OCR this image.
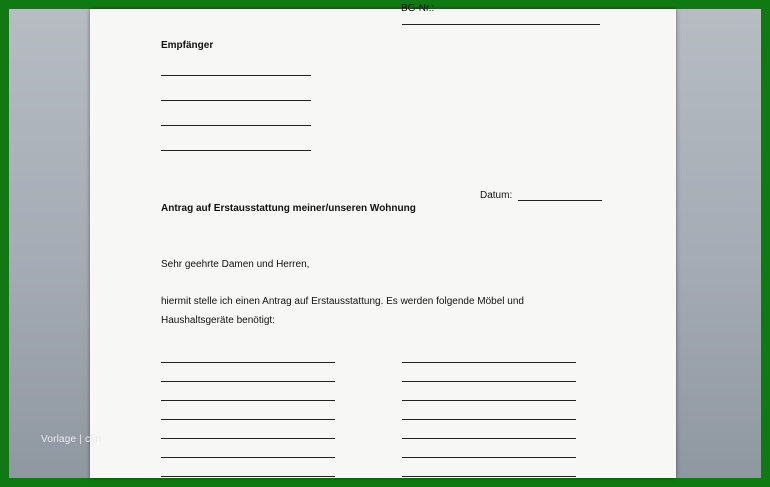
BG-Nr.:
Empfänger
Datum:
Antrag auf Erstausstattung meiner/unseren Wohnung
Sehr geehrte Damen und Herren,
hiermit stelle ich einen Antrag auf Erstausstattung. Es werden folgende Möbel und
Haushaltsgeräte benötigt:
Vorlage | ckn
